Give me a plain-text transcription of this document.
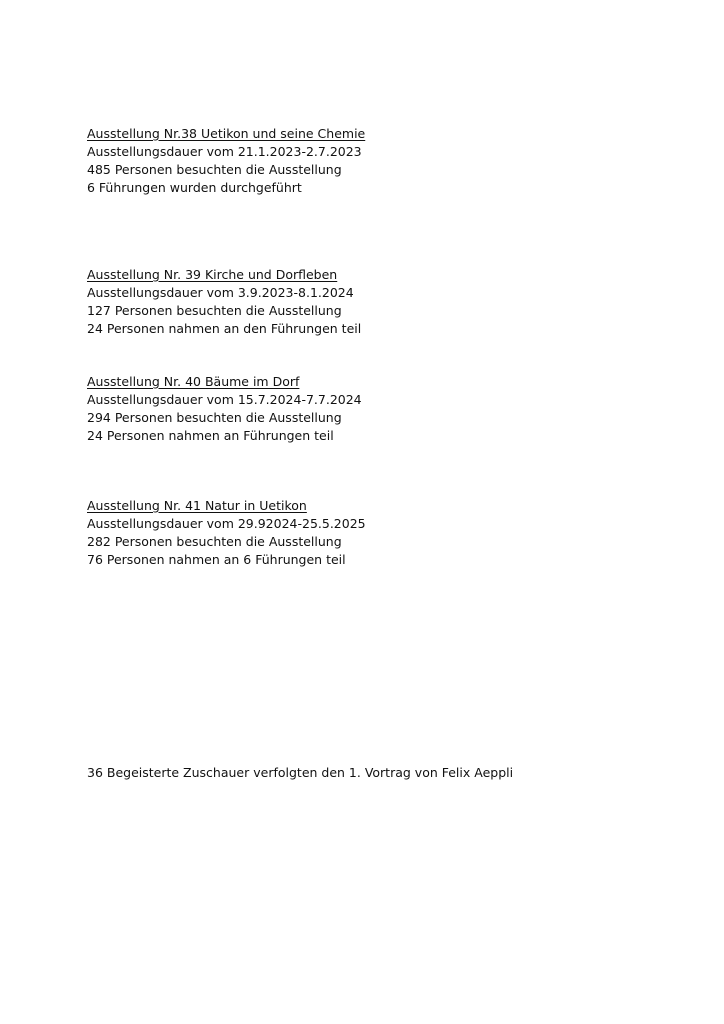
Ausstellung Nr.38 Uetikon und seine Chemie

Ausstellungsdauer vom 21.1.2023-2.7.2023

485 Personen besuchten die Ausstellung

6 Führungen wurden durchgeführt

Ausstellung Nr. 39 Kirche und Dorfleben

Ausstellungsdauer vom 3.9.2023-8.1.2024

127 Personen besuchten die Ausstellung

24 Personen nahmen an den Führungen teil

Ausstellung Nr. 40 Bäume im Dorf

Ausstellungsdauer vom 15.7.2024-7.7.2024

294 Personen besuchten die Ausstellung

24 Personen nahmen an Führungen teil

Ausstellung Nr. 41 Natur in Uetikon

Ausstellungsdauer vom 29.92024-25.5.2025

282 Personen besuchten die Ausstellung

76 Personen nahmen an 6 Führungen teil

36 Begeisterte Zuschauer verfolgten den 1. Vortrag von Felix Aeppli
